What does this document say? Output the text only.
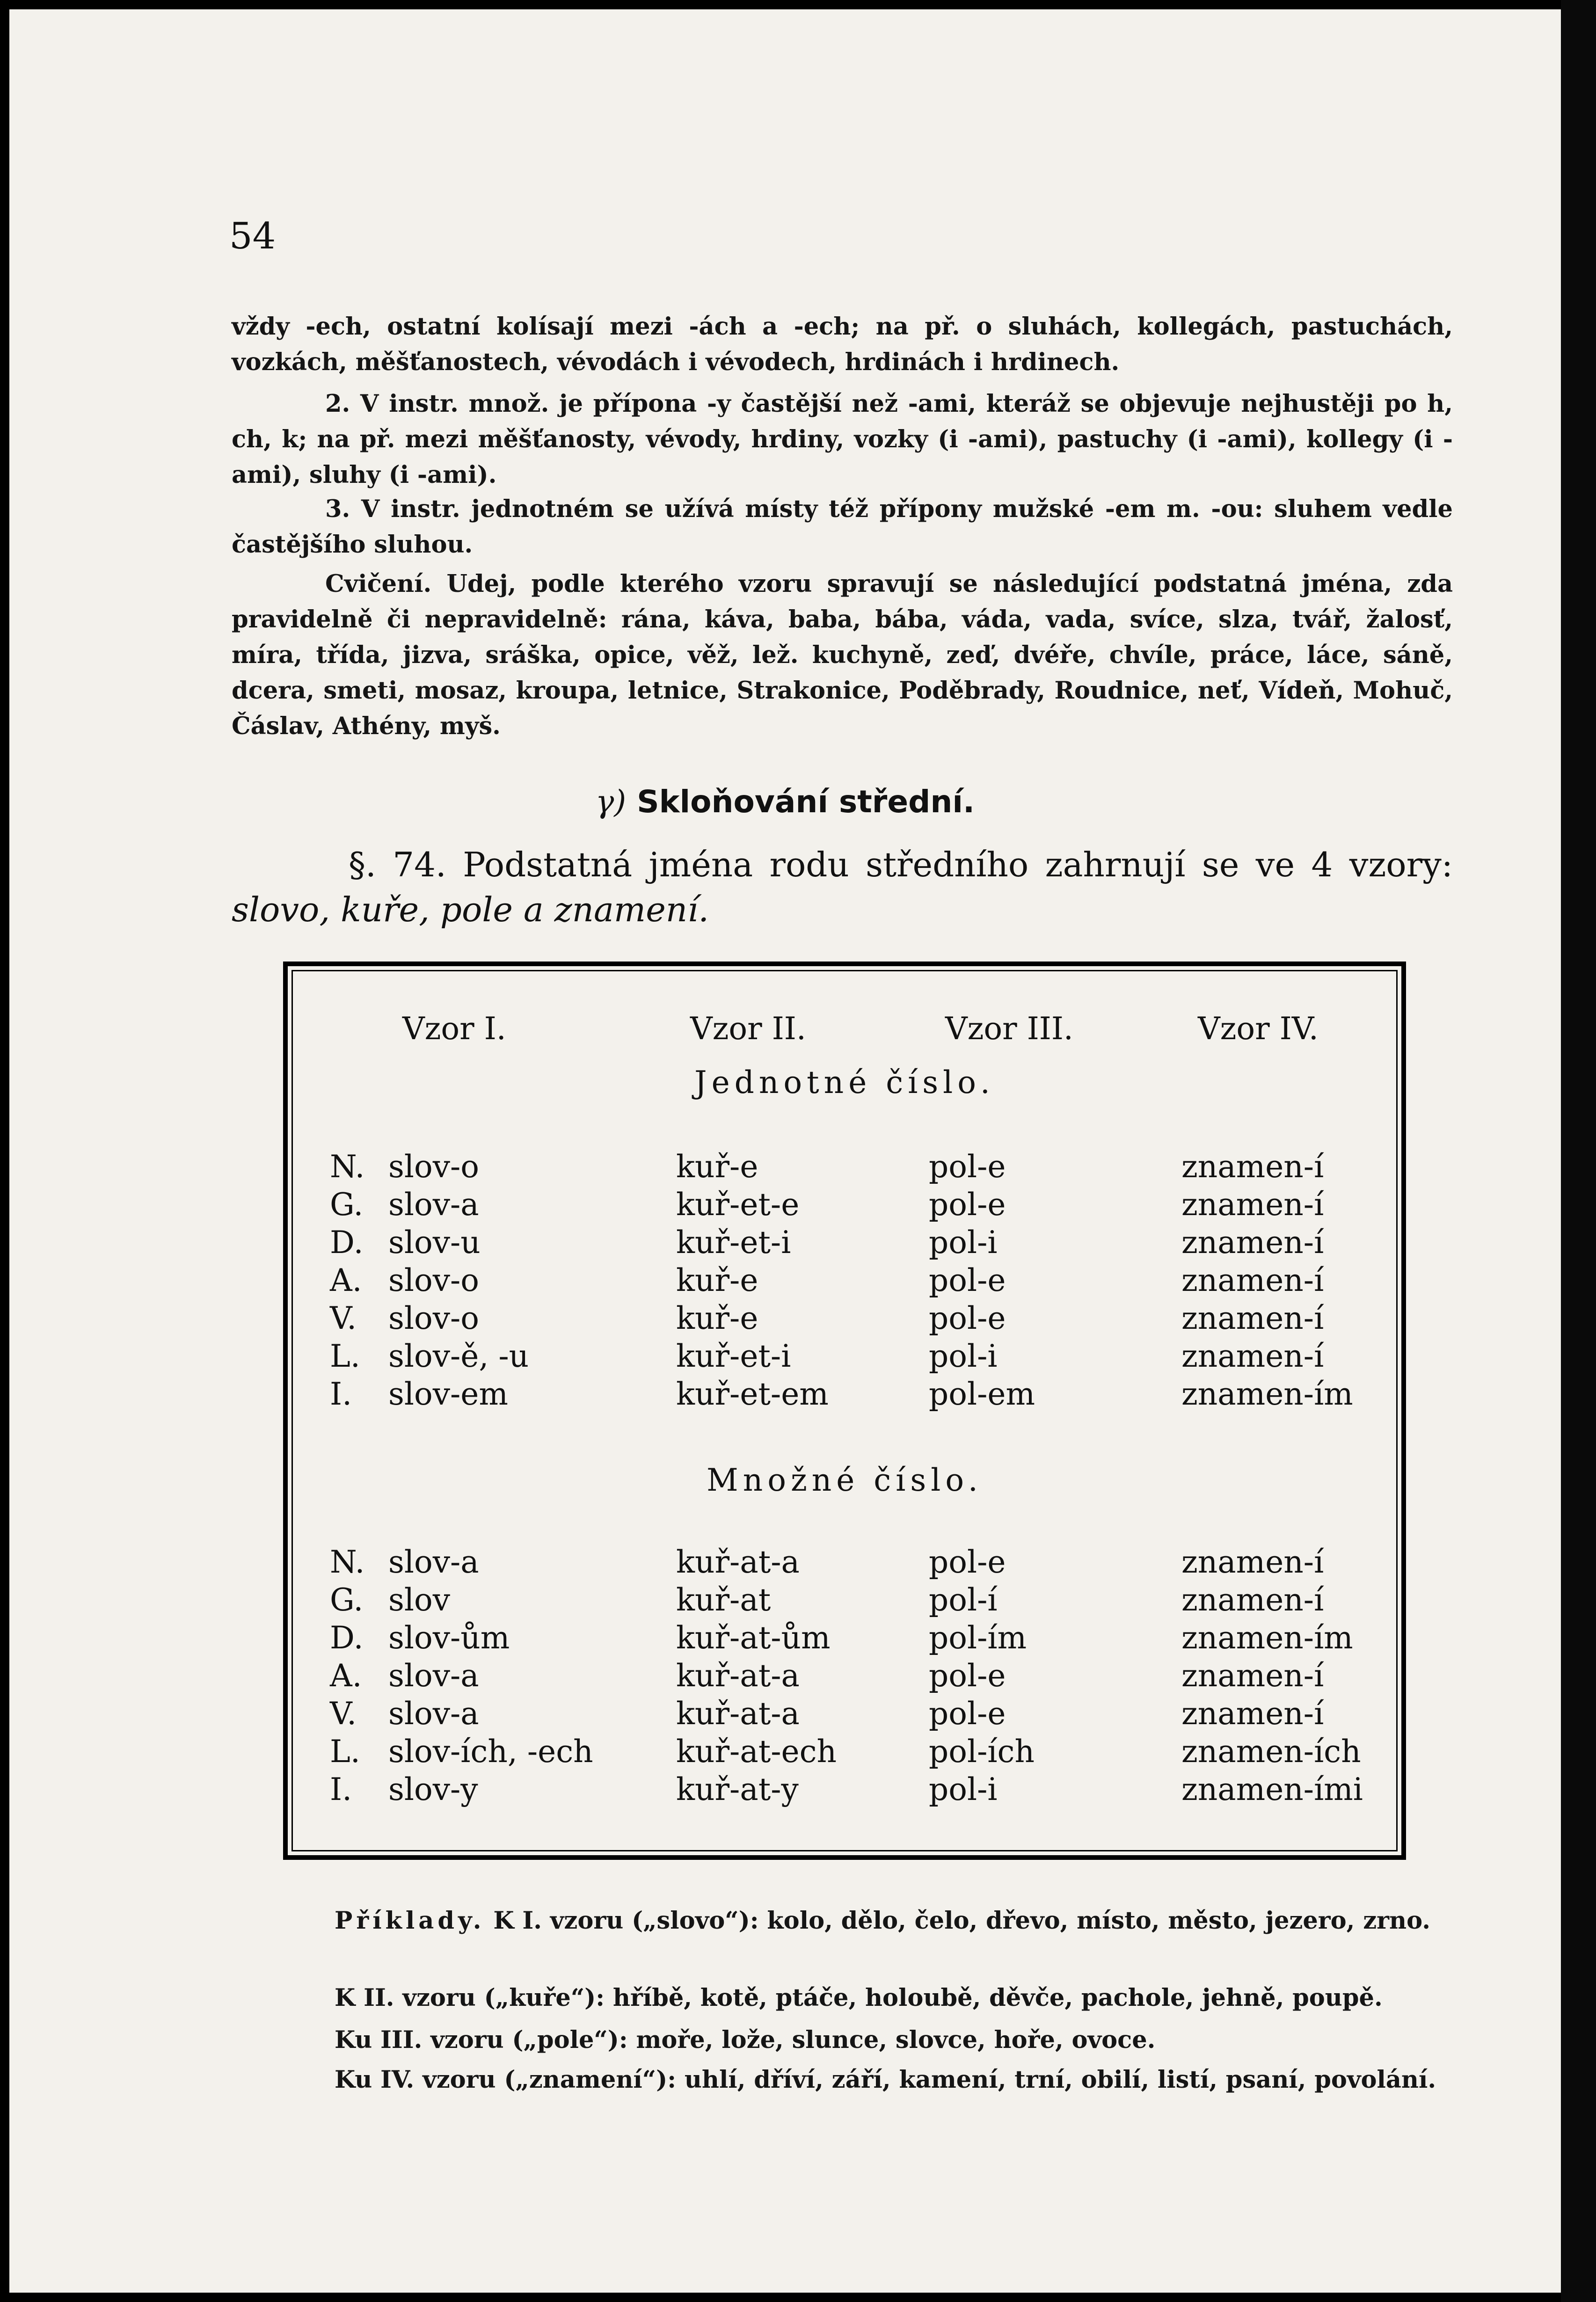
54

vždy -ech, ostatní kolísají mezi -ách a -ech; na př. o sluhách, kollegách, pastuchách, vozkách, měšťanostech, vévodách i vévodech, hrdinách i hrdinech.

2. V instr. množ. je přípona -y častější než -ami, kteráž se objevuje nejhustěji po h, ch, k; na př. mezi měšťanosty, vévody, hrdiny, vozky (i -ami), pastuchy (i -ami), kollegy (i -ami), sluhy (i -ami).

3. V instr. jednotném se užívá místy též přípony mužské -em m. -ou: sluhem vedle častějšího sluhou.

Cvičení. Udej, podle kterého vzoru spravují se následující podstatná jména, zda pravidelně či nepravidelně: rána, káva, baba, bába, váda, vada, svíce, slza, tvář, žalosť, míra, třída, jizva, sráška, opice, věž, lež. kuchyně, zeď, dvéře, chvíle, práce, láce, sáně, dcera, smeti, mosaz, kroupa, letnice, Strakonice, Poděbrady, Roudnice, neť, Vídeň, Mohuč, Čáslav, Athény, myš.

γ) Skloňování střední.
§. 74. Podstatná jména rodu středního zahrnují se ve 4 vzory: slovo, kuře, pole a znamení.
Vzor I.	Vzor II.	Vzor III.	Vzor IV.
Jednotné číslo.
N. slov-o	kuř-e	pol-e	znamen-í
G. slov-a	kuř-et-e	pol-e	znamen-í
D. slov-u	kuř-et-i	pol-i	znamen-í
A. slov-o	kuř-e	pol-e	znamen-í
V. slov-o	kuř-e	pol-e	znamen-í
L. slov-ě, -u	kuř-et-i	pol-i	znamen-í
I. slov-em	kuř-et-em	pol-em	znamen-ím
Množné číslo.
N. slov-a	kuř-at-a	pol-e	znamen-í
G. slov	kuř-at	pol-í	znamen-í
D. slov-ům	kuř-at-ům	pol-ím	znamen-ím
A. slov-a	kuř-at-a	pol-e	znamen-í
V. slov-a	kuř-at-a	pol-e	znamen-í
L. slov-ích, -ech	kuř-at-ech	pol-ích	znamen-ích
I. slov-y	kuř-at-y	pol-i	znamen-ími

Příklady. K I. vzoru („slovo“): kolo, dělo, čelo, dřevo, místo, město, jezero, zrno.

K II. vzoru („kuře“): hříbě, kotě, ptáče, holoubě, děvče, pachole, jehně, poupě.

Ku III. vzoru („pole“): moře, lože, slunce, slovce, hoře, ovoce.

Ku IV. vzoru („znamení“): uhlí, dříví, září, kamení, trní, obilí, listí, psaní, povolání.
